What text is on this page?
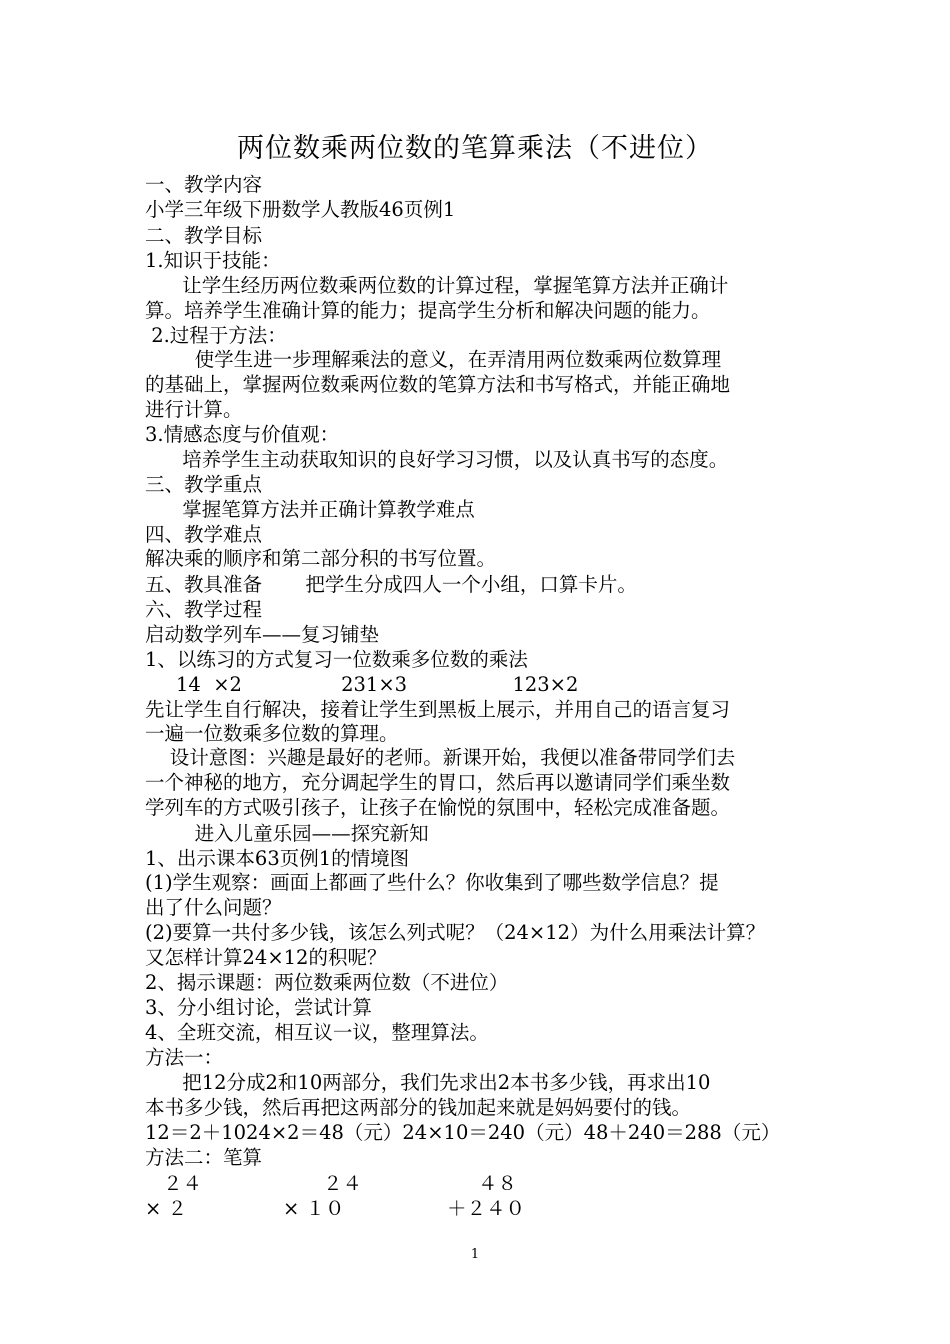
两位数乘两位数的笔算乘法（不进位）
一、教学内容
小学三年级下册数学人教版46页例1
二、教学目标
1.知识于技能：
让学生经历两位数乘两位数的计算过程，掌握笔算方法并正确计
算。培养学生准确计算的能力；提高学生分析和解决问题的能力。
2.过程于方法：
使学生进一步理解乘法的意义，在弄清用两位数乘两位数算理
的基础上，掌握两位数乘两位数的笔算方法和书写格式，并能正确地
进行计算。
3.情感态度与价值观：
培养学生主动获取知识的良好学习习惯，以及认真书写的态度。
三、教学重点
掌握笔算方法并正确计算教学难点
四、教学难点
解决乘的顺序和第二部分积的书写位置。
五、教具准备       把学生分成四人一个小组，口算卡片。
六、教学过程
启动数学列车——复习铺垫
1、以练习的方式复习一位数乘多位数的乘法
14  ×2                231×3                 123×2
先让学生自行解决，接着让学生到黑板上展示，并用自己的语言复习
一遍一位数乘多位数的算理。
设计意图：兴趣是最好的老师。新课开始，我便以准备带同学们去
一个神秘的地方，充分调起学生的胃口，然后再以邀请同学们乘坐数
学列车的方式吸引孩子，让孩子在愉悦的氛围中，轻松完成准备题。
进入儿童乐园——探究新知
1、出示课本63页例1的情境图
(1)学生观察：画面上都画了些什么？你收集到了哪些数学信息？提
出了什么问题？
(2)要算一共付多少钱，该怎么列式呢？（24×12）为什么用乘法计算？
又怎样计算24×12的积呢？
2、揭示课题：两位数乘两位数（不进位）
3、分小组讨论，尝试计算
4、全班交流，相互议一议，整理算法。
方法一：
把12分成2和10两部分，我们先求出2本书多少钱，再求出10
本书多少钱，然后再把这两部分的钱加起来就是妈妈要付的钱。
12＝2＋1024×2＝48（元）24×10＝240（元）48＋240＝288（元）
方法二：笔算
２４	２４	４８
× ２	× １０	＋２４０
1
